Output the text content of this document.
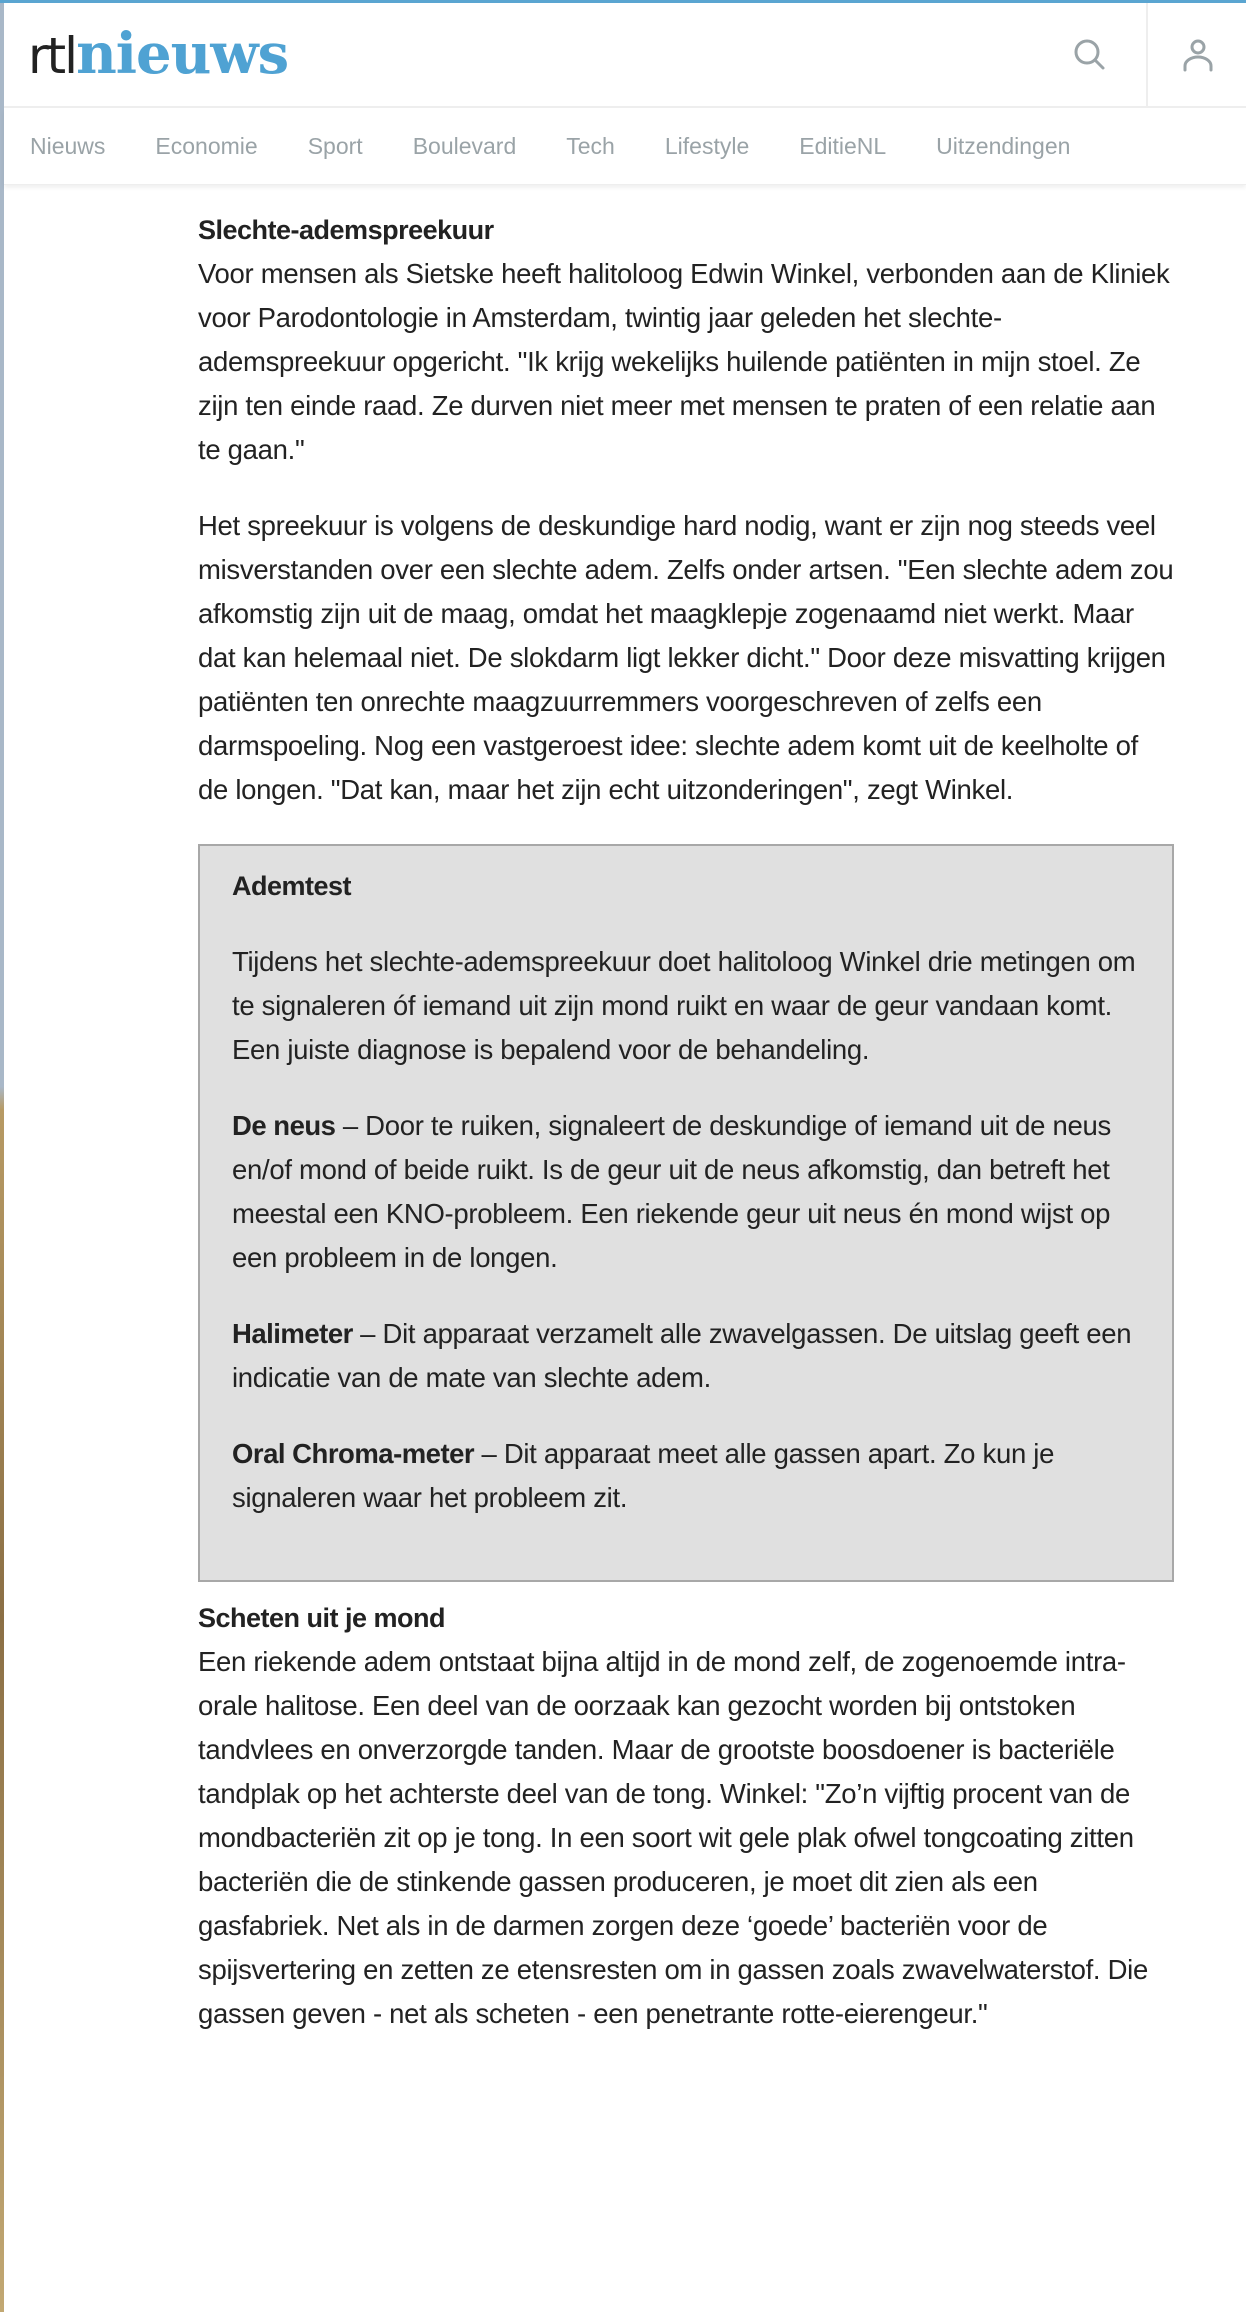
rtl nieuws
Nieuws Economie Sport Boulevard Tech Lifestyle EditieNL Uitzendingen
Slechte-ademspreekuur

Voor mensen als Sietske heeft halitoloog Edwin Winkel, verbonden aan de Kliniek voor Parodontologie in Amsterdam, twintig jaar geleden het slechte-ademspreekuur opgericht. "Ik krijg wekelijks huilende patiënten in mijn stoel. Ze zijn ten einde raad. Ze durven niet meer met mensen te praten of een relatie aan te gaan."

Het spreekuur is volgens de deskundige hard nodig, want er zijn nog steeds veel misverstanden over een slechte adem. Zelfs onder artsen. "Een slechte adem zou afkomstig zijn uit de maag, omdat het maagklepje zogenaamd niet werkt. Maar dat kan helemaal niet. De slokdarm ligt lekker dicht." Door deze misvatting krijgen patiënten ten onrechte maagzuurremmers voorgeschreven of zelfs een darmspoeling. Nog een vastgeroest idee: slechte adem komt uit de keelholte of de longen. "Dat kan, maar het zijn echt uitzonderingen", zegt Winkel.

Ademtest

Tijdens het slechte-ademspreekuur doet halitoloog Winkel drie metingen om te signaleren óf iemand uit zijn mond ruikt en waar de geur vandaan komt. Een juiste diagnose is bepalend voor de behandeling.

De neus – Door te ruiken, signaleert de deskundige of iemand uit de neus en/of mond of beide ruikt. Is de geur uit de neus afkomstig, dan betreft het meestal een KNO-probleem. Een riekende geur uit neus én mond wijst op een probleem in de longen.

Halimeter – Dit apparaat verzamelt alle zwavelgassen. De uitslag geeft een indicatie van de mate van slechte adem.

Oral Chroma-meter – Dit apparaat meet alle gassen apart. Zo kun je signaleren waar het probleem zit.

Scheten uit je mond

Een riekende adem ontstaat bijna altijd in de mond zelf, de zogenoemde intra-orale halitose. Een deel van de oorzaak kan gezocht worden bij ontstoken tandvlees en onverzorgde tanden. Maar de grootste boosdoener is bacteriële tandplak op het achterste deel van de tong. Winkel: "Zo’n vijftig procent van de mondbacteriën zit op je tong. In een soort wit gele plak ofwel tongcoating zitten bacteriën die de stinkende gassen produceren, je moet dit zien als een gasfabriek. Net als in de darmen zorgen deze ‘goede’ bacteriën voor de spijsvertering en zetten ze etensresten om in gassen zoals zwavelwaterstof. Die gassen geven - net als scheten - een penetrante rotte-eierengeur."
